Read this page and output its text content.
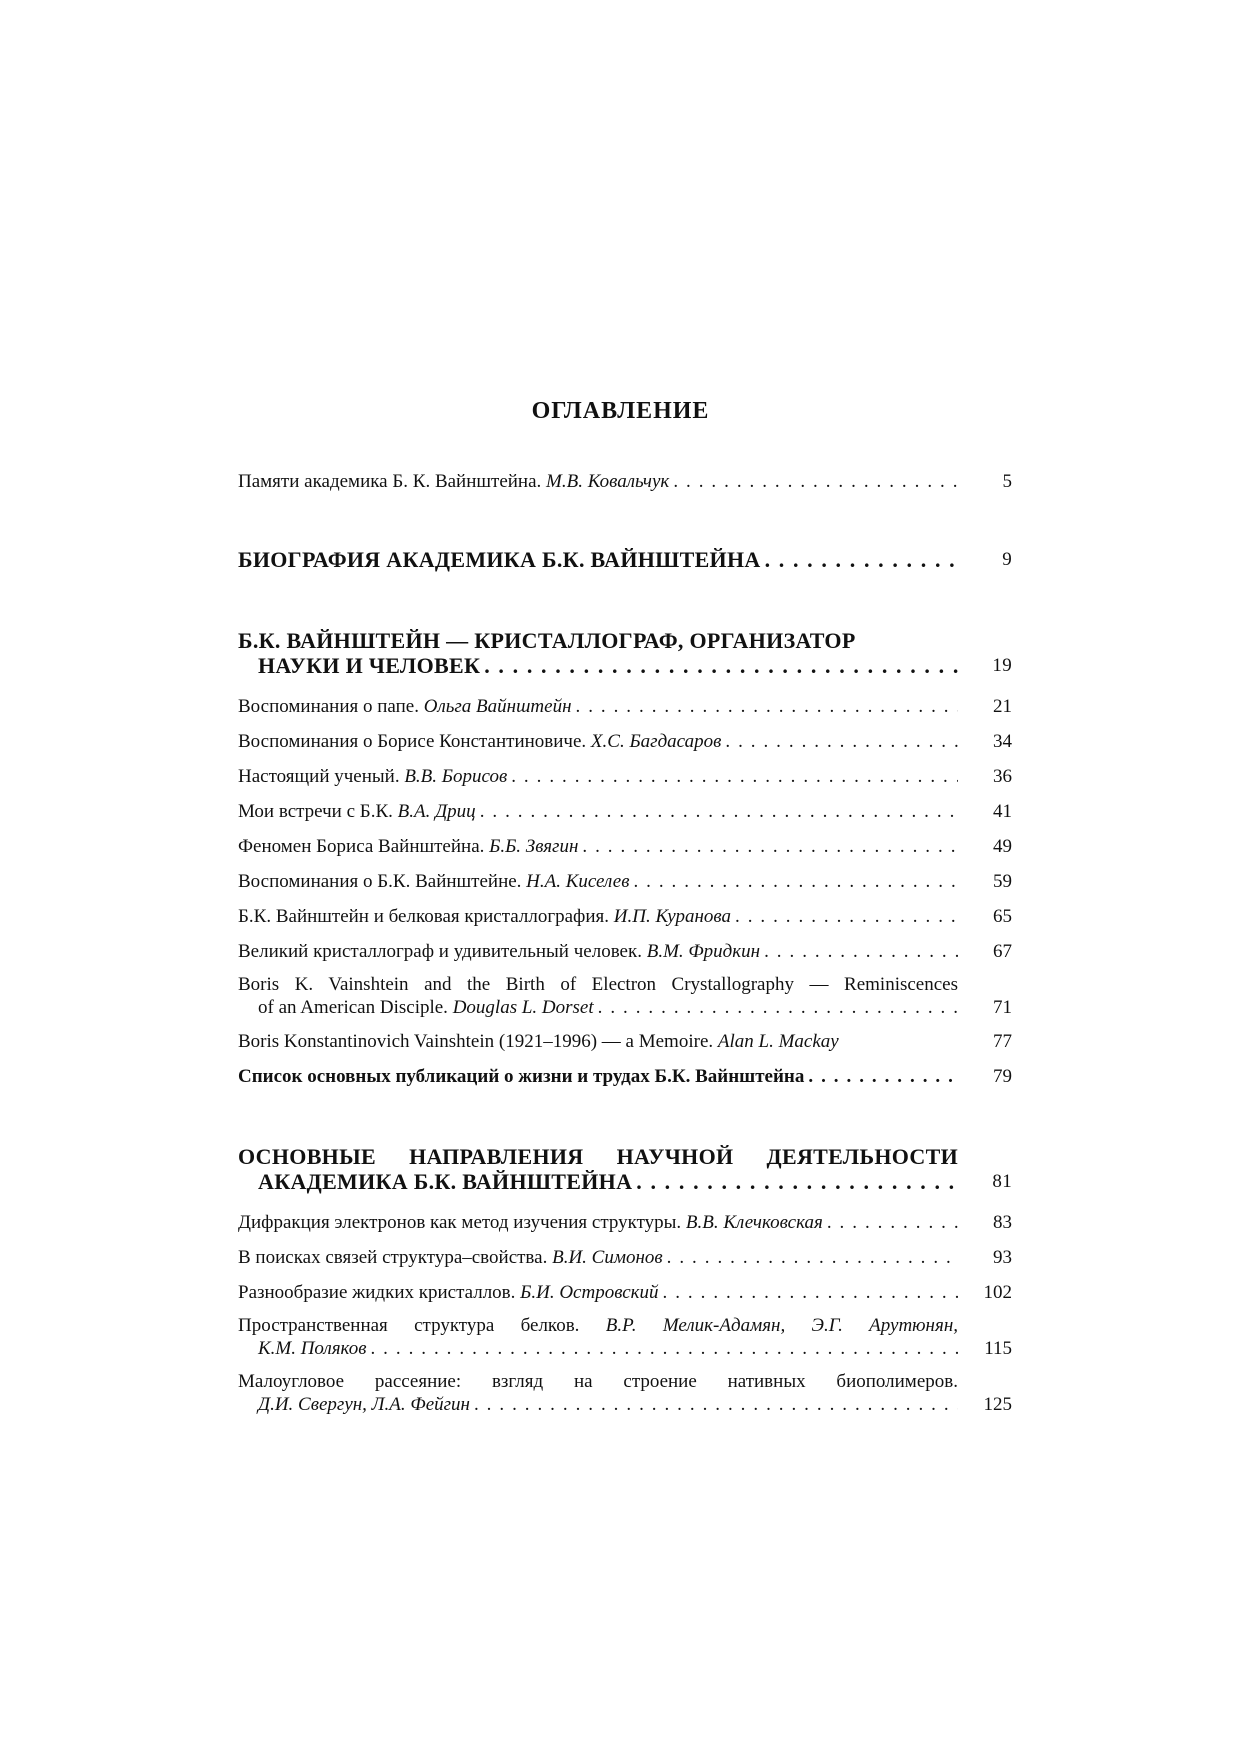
ОГЛАВЛЕНИЕ
Памяти академика Б. К. Вайнштейна. М.В. Ковальчук . . .	5
БИОГРАФИЯ АКАДЕМИКА Б.К. ВАЙНШТЕЙНА . . .	9
Б.К. ВАЙНШТЕЙН — КРИСТАЛЛОГРАФ, ОРГАНИЗАТОР
НАУКИ И ЧЕЛОВЕК . . .	19
Воспоминания о папе. Ольга Вайнштейн . . .	21
Воспоминания о Борисе Константиновиче. Х.С. Багдасаров . . .	34
Настоящий ученый. В.В. Борисов . . .	36
Мои встречи с Б.К. В.А. Дриц . . .	41
Феномен Бориса Вайнштейна. Б.Б. Звягин . . .	49
Воспоминания о Б.К. Вайнштейне. Н.А. Киселев . . .	59
Б.К. Вайнштейн и белковая кристаллография. И.П. Куранова . . .	65
Великий кристаллограф и удивительный человек. В.М. Фридкин . . .	67
Boris K. Vainshtein and the Birth of Electron Crystallography — Reminiscences
of an American Disciple. Douglas L. Dorset . . .	71
Boris Konstantinovich Vainshtein (1921–1996) — a Memoire. Alan L. Mackay	77
Список основных публикаций о жизни и трудах Б.К. Вайнштейна . . .	79
ОСНОВНЫЕ НАПРАВЛЕНИЯ НАУЧНОЙ ДЕЯТЕЛЬНОСТИ
АКАДЕМИКА Б.К. ВАЙНШТЕЙНА . . .	81
Дифракция электронов как метод изучения структуры. В.В. Клечковская . . .	83
В поисках связей структура–свойства. В.И. Симонов . . .	93
Разнообразие жидких кристаллов. Б.И. Островский . . .	102
Пространственная структура белков. В.Р. Мелик-Адамян, Э.Г. Арутюнян,
К.М. Поляков . . .	115
Малоугловое рассеяние: взгляд на строение нативных биополимеров.
Д.И. Свергун, Л.А. Фейгин . . .	125
